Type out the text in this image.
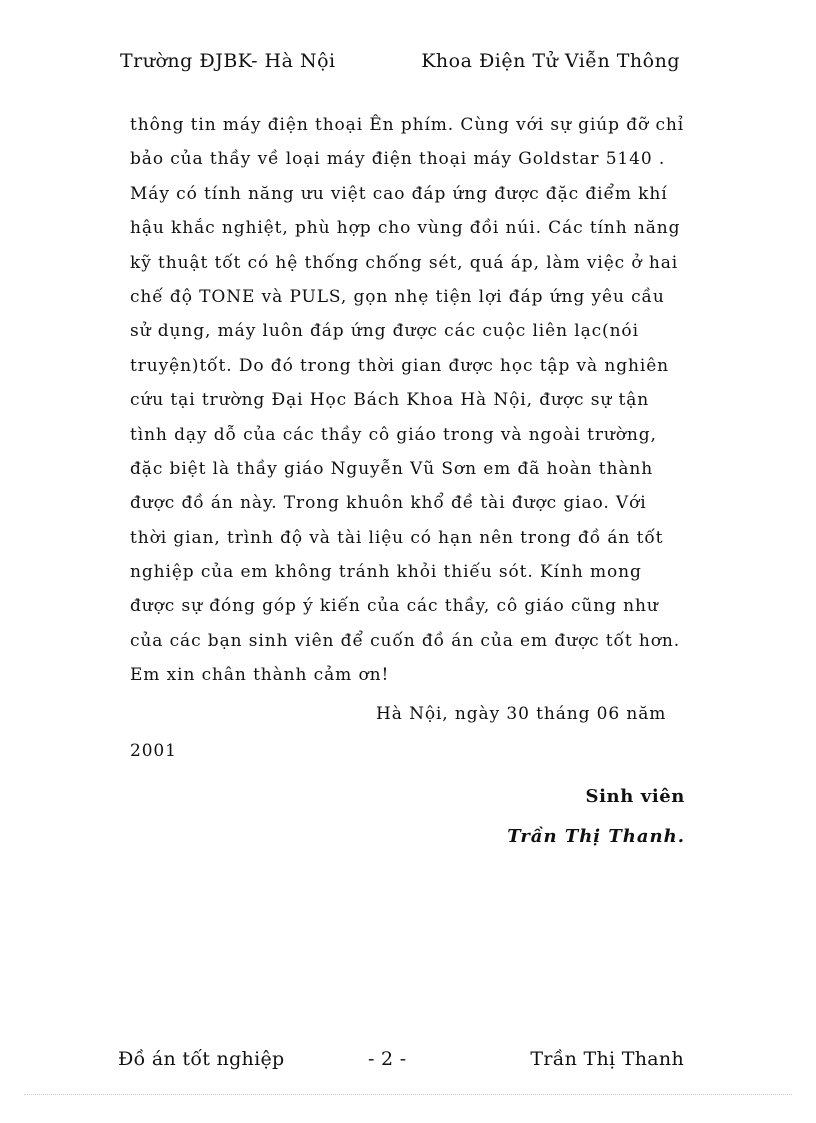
Trường ĐJBK- Hà Nội	Khoa Điện Tử Viễn Thông
thông tin máy điện thoại Ên phím. Cùng với sự giúp đỡ chỉ
bảo của thầy về loại máy điện thoại máy Goldstar 5140 .
Máy có tính năng ưu việt cao đáp ứng được đặc điểm khí
hậu khắc nghiệt, phù hợp cho vùng đồi núi. Các tính năng
kỹ thuật tốt có hệ thống chống sét, quá áp, làm việc ở hai
chế độ TONE và PULS, gọn nhẹ tiện lợi đáp ứng yêu cầu
sử dụng, máy luôn đáp ứng được các cuộc liên lạc(nói
truyện)tốt. Do đó trong thời gian được học tập và nghiên
cứu tại trường Đại Học Bách Khoa Hà Nội, được sự tận
tình dạy dỗ của các thầy cô giáo trong và ngoài trường,
đặc biệt là thầy giáo Nguyễn Vũ Sơn em đã hoàn thành
được đồ án này. Trong khuôn khổ đề tài được giao. Với
thời gian, trình độ và tài liệu có hạn nên trong đồ án tốt
nghiệp của em không tránh khỏi thiếu sót. Kính mong
được sự đóng góp ý kiến của các thầy, cô giáo cũng như
của các bạn sinh viên để cuốn đồ án của em được tốt hơn.
Em xin chân thành cảm ơn!
Hà Nội, ngày 30 tháng 06 năm
2001
Sinh viên
Trần Thị Thanh.
Đồ án tốt nghiệp	- 2 -	Trần Thị Thanh
